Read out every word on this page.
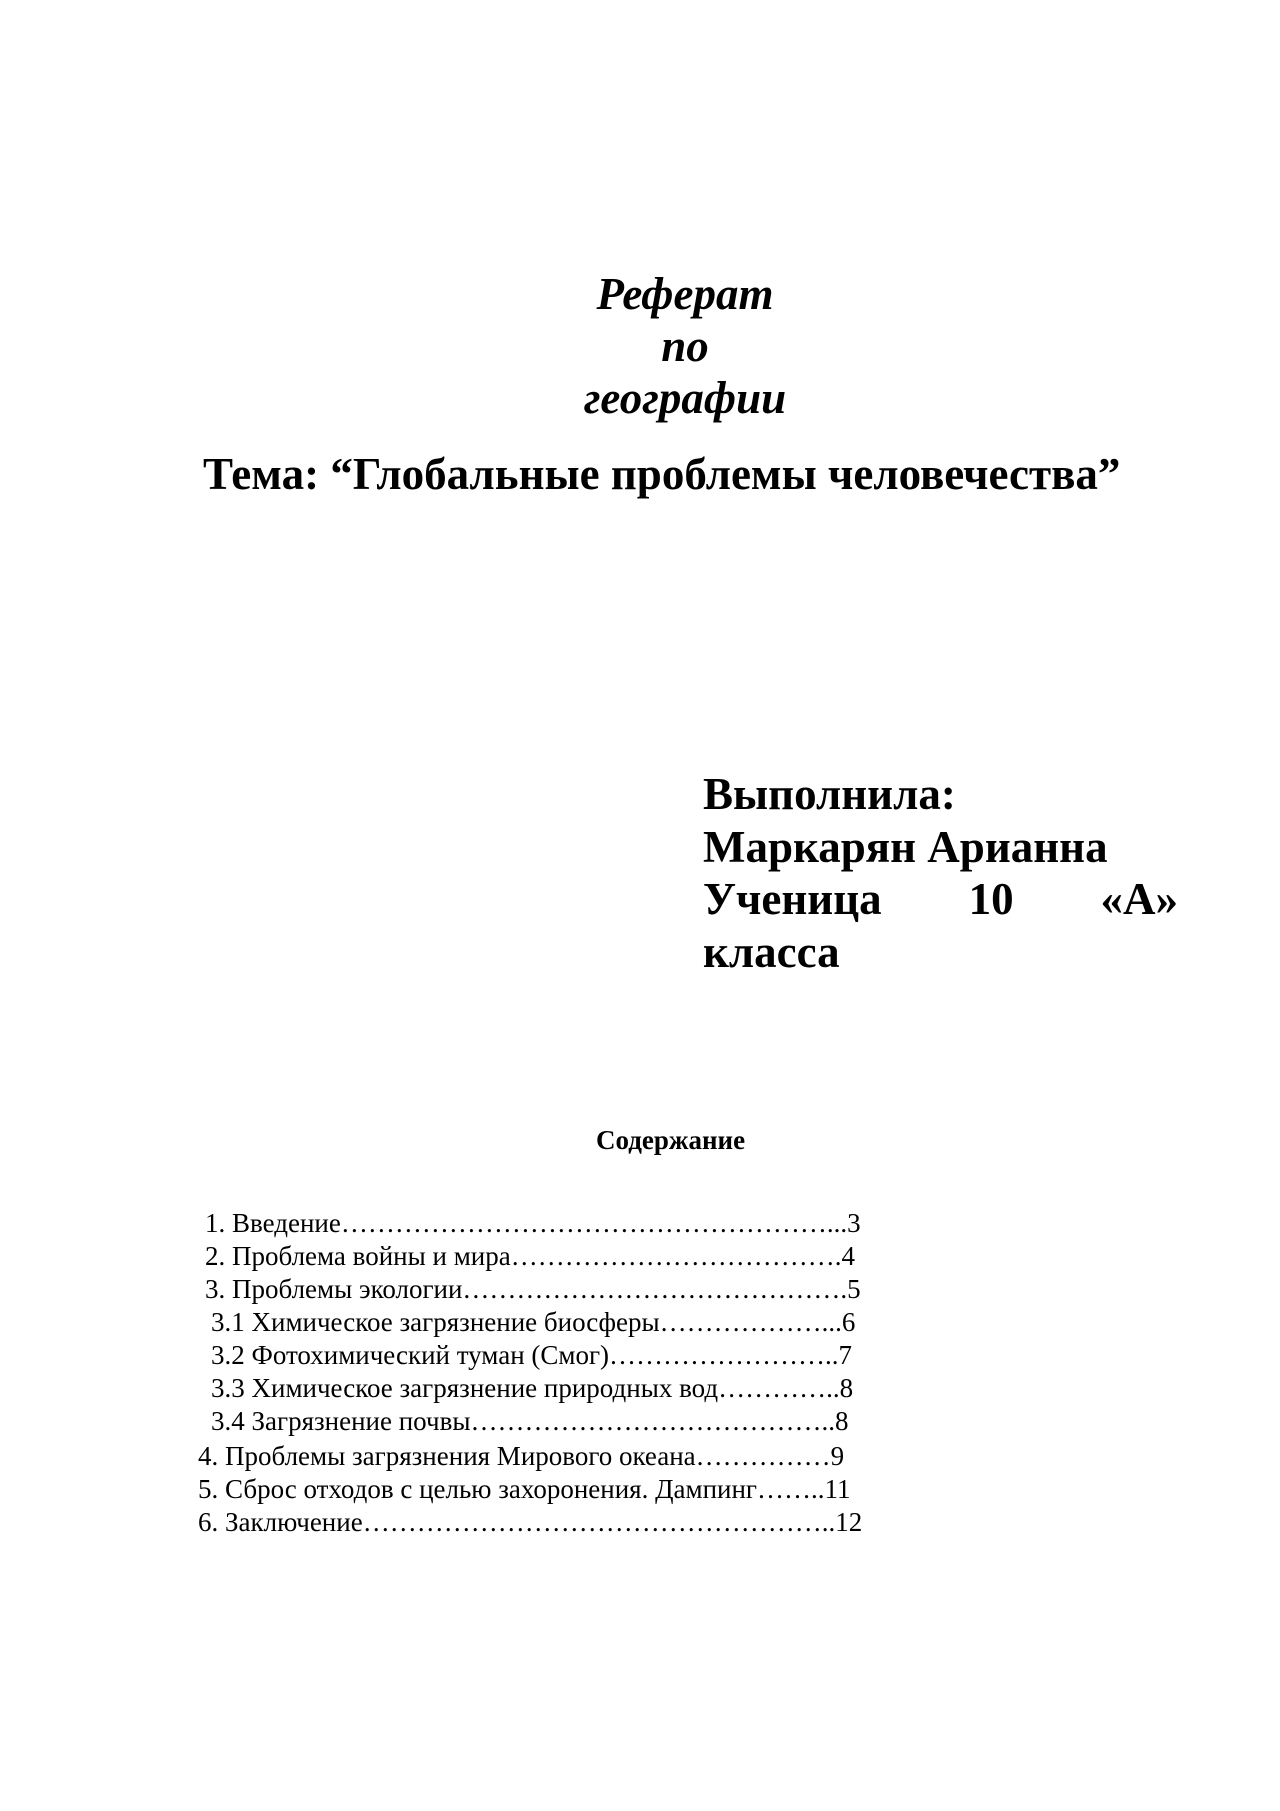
Реферат
по
географии
Тема: “Глобальные проблемы человечества”
Выполнила:
Маркарян Арианна
Ученица 10 «А»
класса
Содержание
1. Введение………………………………………………...3
2. Проблема войны и мира……………………………….4
3. Проблемы экологии…………………………………….5
3.1 Химическое загрязнение биосферы………………...6
3.2 Фотохимический туман (Смог)……………………..7
3.3 Химическое загрязнение природных вод…………..8
3.4 Загрязнение почвы…………………………………..8
4. Проблемы загрязнения Мирового океана……………9
5. Сброс отходов с целью захоронения. Дампинг……..11
6. Заключение……………………………………………..12
